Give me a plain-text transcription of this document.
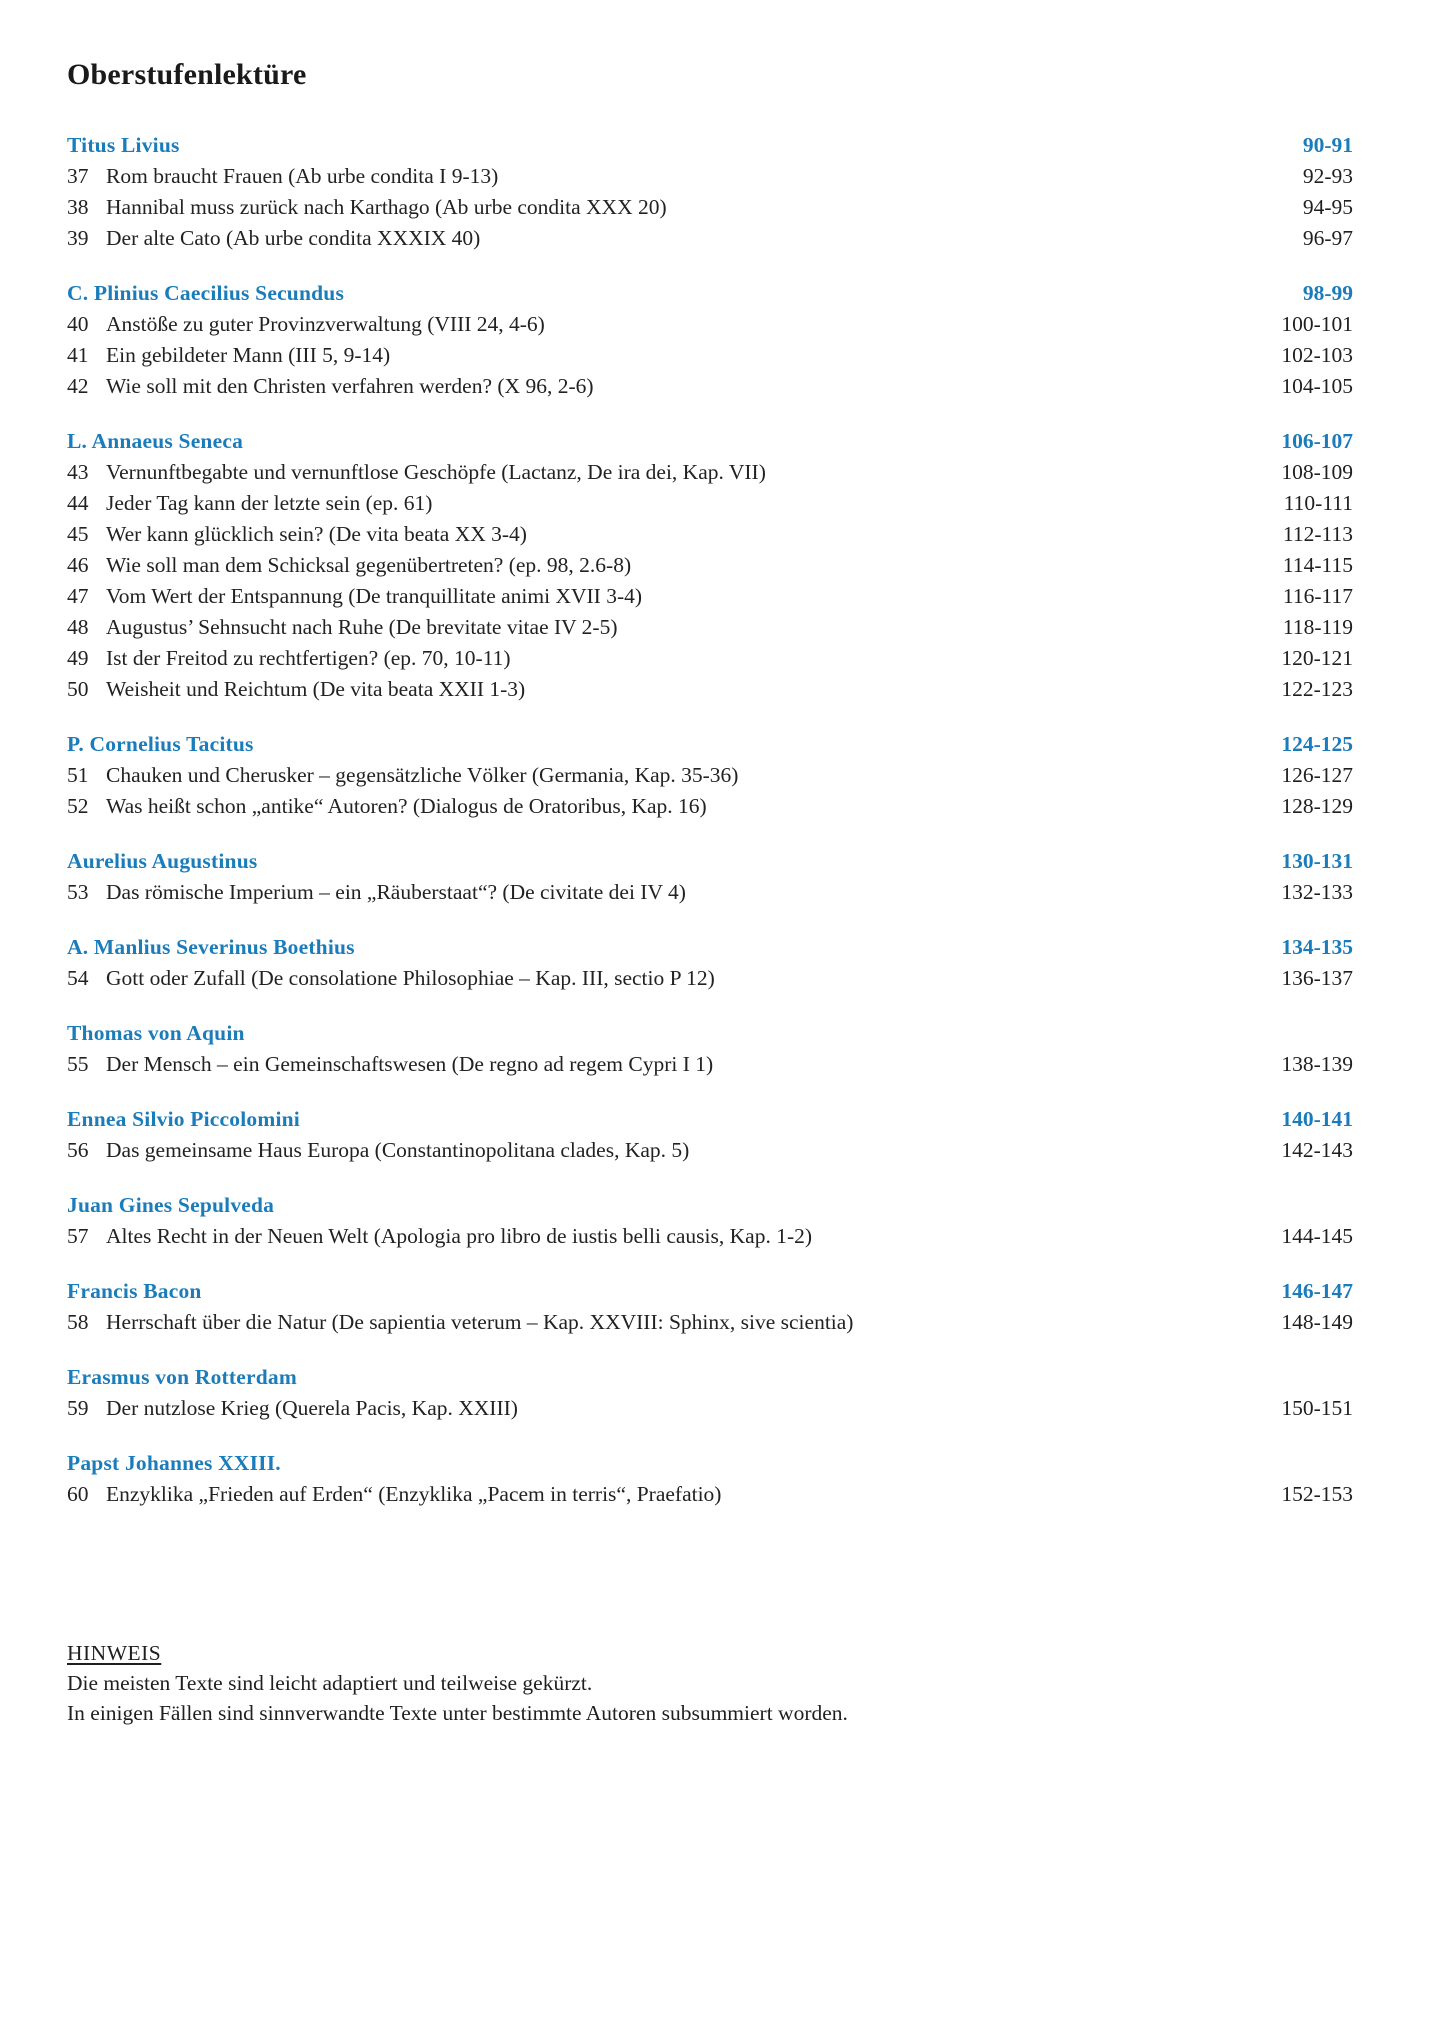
Oberstufenlektüre
Titus Livius	90-91
37 Rom braucht Frauen (Ab urbe condita I 9-13)	92-93
38 Hannibal muss zurück nach Karthago (Ab urbe condita XXX 20)	94-95
39 Der alte Cato (Ab urbe condita XXXIX 40)	96-97
C. Plinius Caecilius Secundus	98-99
40 Anstöße zu guter Provinzverwaltung (VIII 24, 4-6)	100-101
41 Ein gebildeter Mann (III 5, 9-14)	102-103
42 Wie soll mit den Christen verfahren werden? (X 96, 2-6)	104-105
L. Annaeus Seneca	106-107
43 Vernunftbegabte und vernunftlose Geschöpfe (Lactanz, De ira dei, Kap. VII)	108-109
44 Jeder Tag kann der letzte sein (ep. 61)	110-111
45 Wer kann glücklich sein? (De vita beata XX 3-4)	112-113
46 Wie soll man dem Schicksal gegenübertreten? (ep. 98, 2.6-8)	114-115
47 Vom Wert der Entspannung (De tranquillitate animi XVII 3-4)	116-117
48 Augustus’ Sehnsucht nach Ruhe (De brevitate vitae IV 2-5)	118-119
49 Ist der Freitod zu rechtfertigen? (ep. 70, 10-11)	120-121
50 Weisheit und Reichtum (De vita beata XXII 1-3)	122-123
P. Cornelius Tacitus	124-125
51 Chauken und Cherusker – gegensätzliche Völker (Germania, Kap. 35-36)	126-127
52 Was heißt schon „antike“ Autoren? (Dialogus de Oratoribus, Kap. 16)	128-129
Aurelius Augustinus	130-131
53 Das römische Imperium – ein „Räuberstaat“? (De civitate dei IV 4)	132-133
A. Manlius Severinus Boethius	134-135
54 Gott oder Zufall (De consolatione Philosophiae – Kap. III, sectio P 12)	136-137
Thomas von Aquin
55 Der Mensch – ein Gemeinschaftswesen (De regno ad regem Cypri I 1)	138-139
Ennea Silvio Piccolomini	140-141
56 Das gemeinsame Haus Europa (Constantinopolitana clades, Kap. 5)	142-143
Juan Gines Sepulveda
57 Altes Recht in der Neuen Welt (Apologia pro libro de iustis belli causis, Kap. 1-2)	144-145
Francis Bacon	146-147
58 Herrschaft über die Natur (De sapientia veterum – Kap. XXVIII: Sphinx, sive scientia)	148-149
Erasmus von Rotterdam
59 Der nutzlose Krieg (Querela Pacis, Kap. XXIII)	150-151
Papst Johannes XXIII.
60 Enzyklika „Frieden auf Erden“ (Enzyklika „Pacem in terris“, Praefatio)	152-153
HINWEIS
Die meisten Texte sind leicht adaptiert und teilweise gekürzt.
In einigen Fällen sind sinnverwandte Texte unter bestimmte Autoren subsummiert worden.
